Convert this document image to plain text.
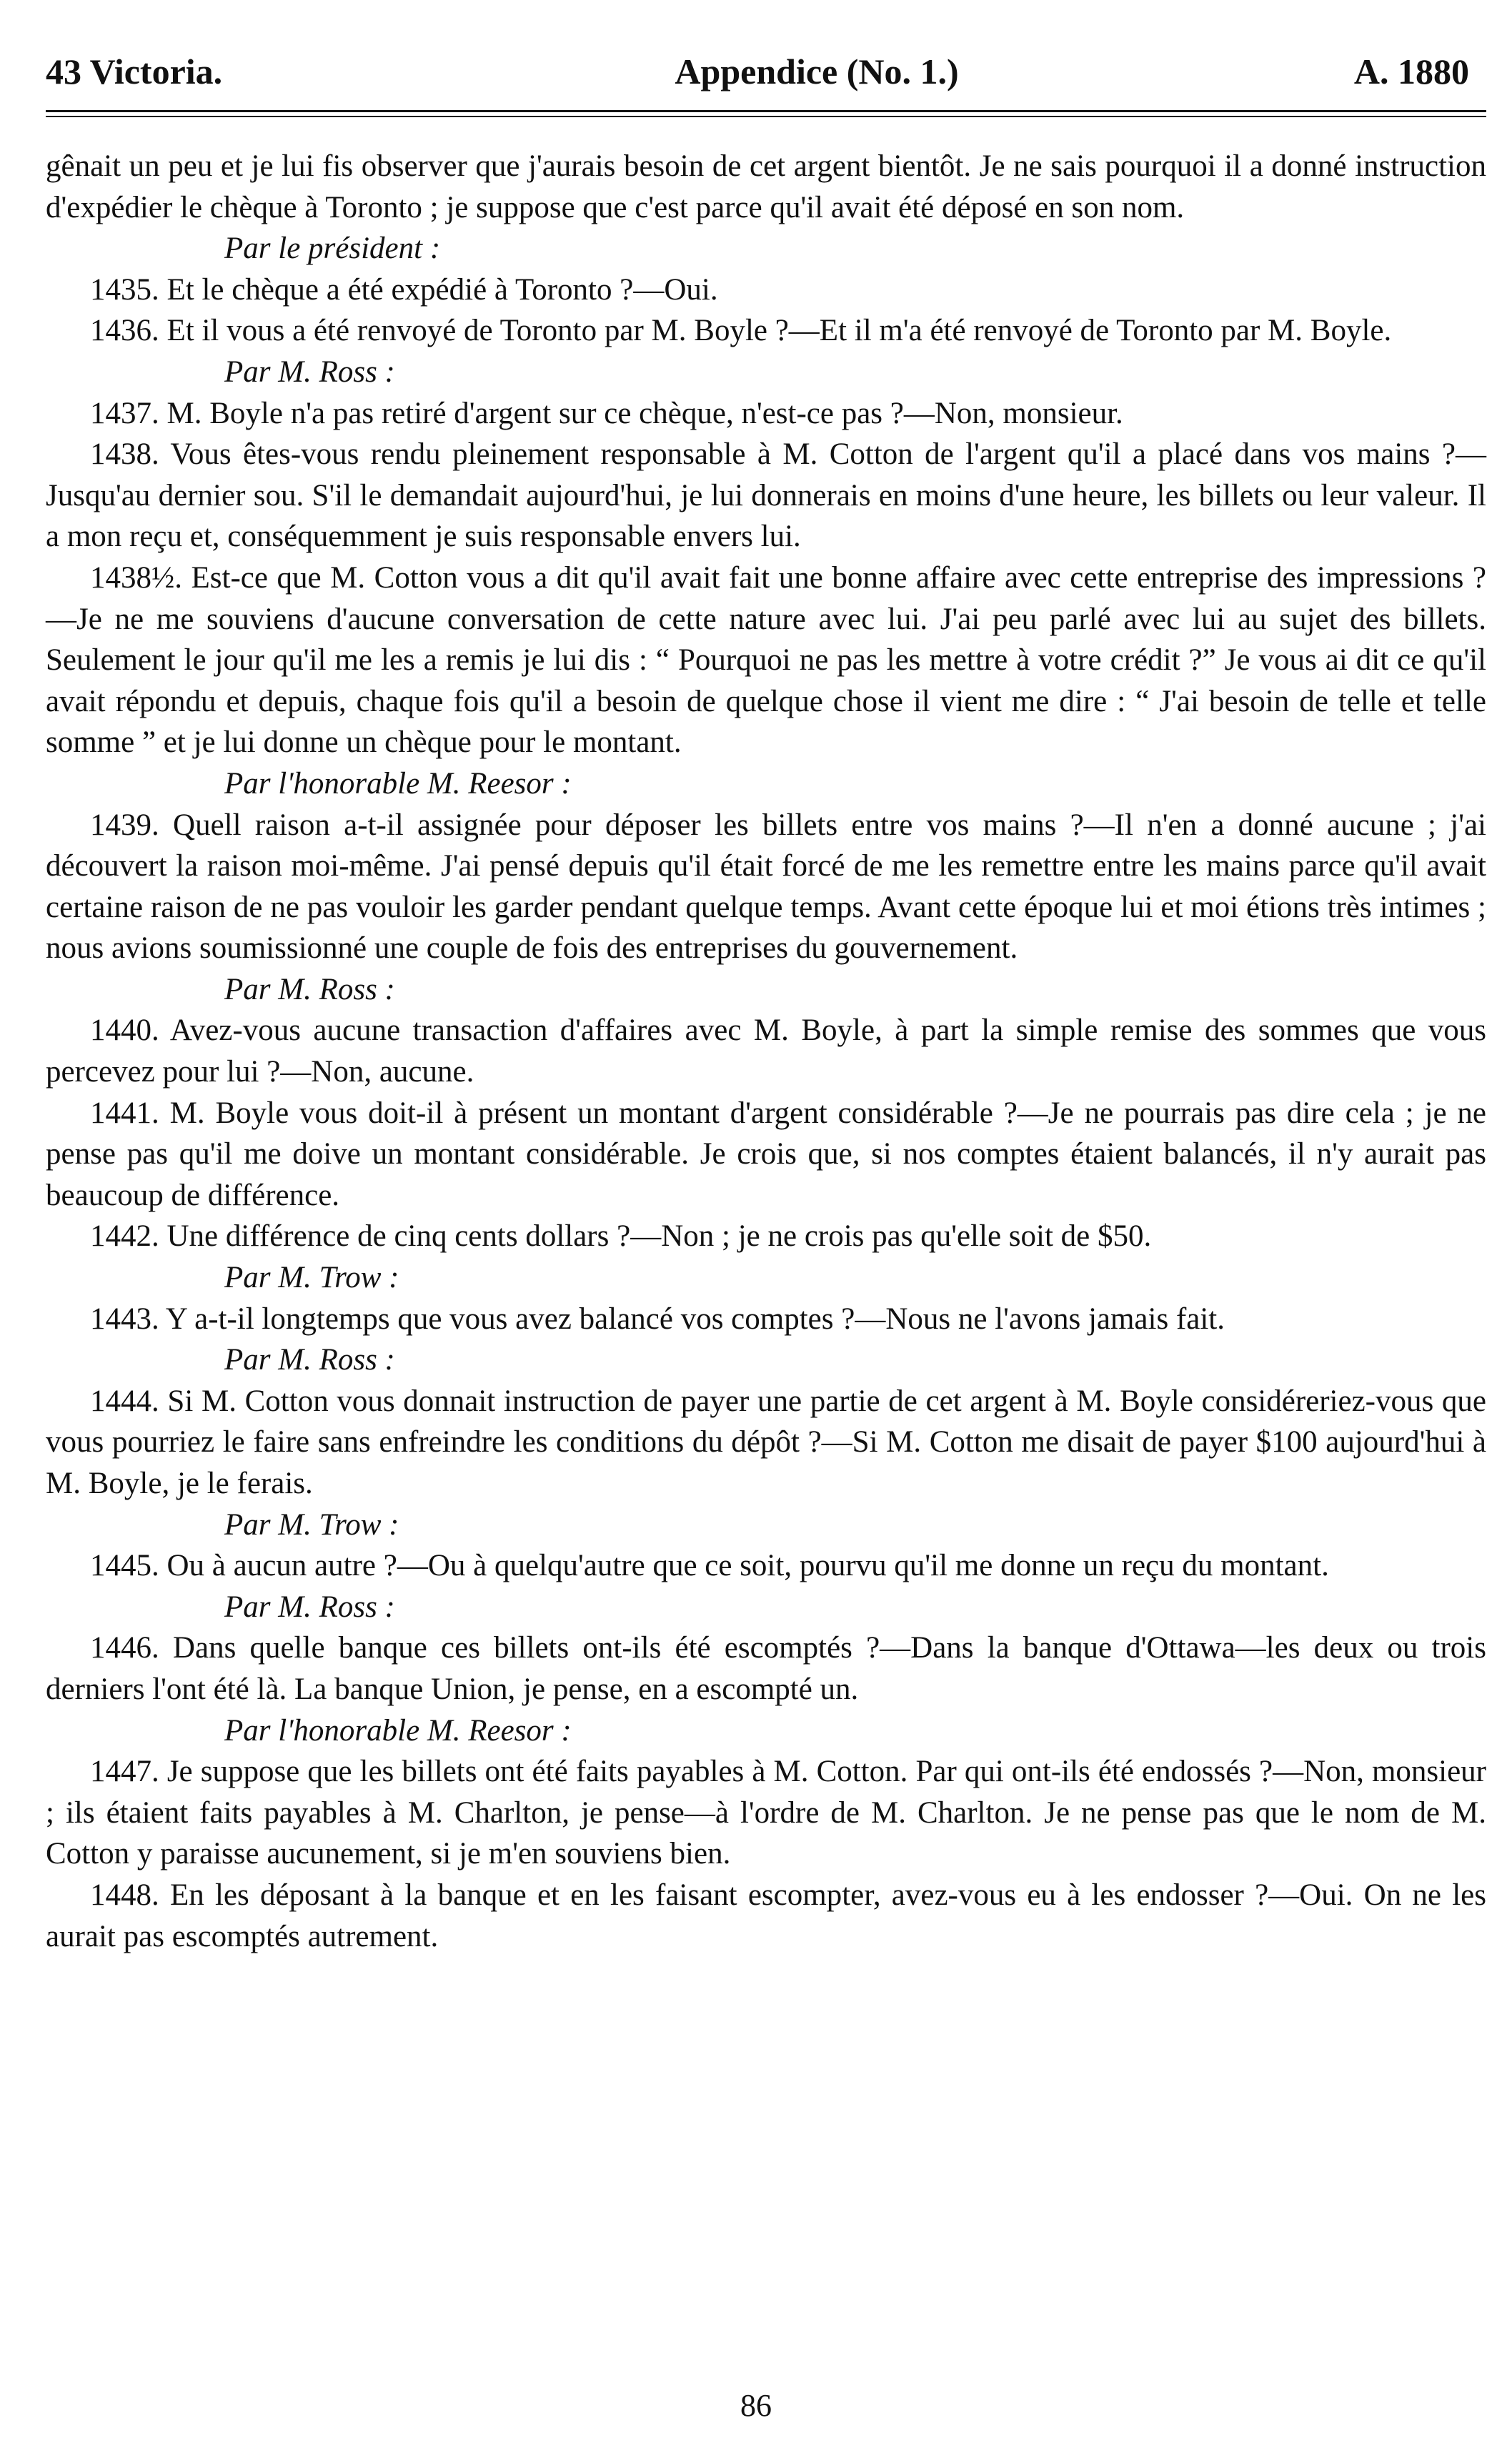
43 Victoria.	Appendice (No. 1.)	A. 1880

gênait un peu et je lui fis observer que j'aurais besoin de cet argent bientôt. Je ne sais pourquoi il a donné instruction d'expédier le chèque à Toronto ; je suppose que c'est parce qu'il avait été déposé en son nom.

Par le président :

1435. Et le chèque a été expédié à Toronto ?—Oui.

1436. Et il vous a été renvoyé de Toronto par M. Boyle ?—Et il m'a été renvoyé de Toronto par M. Boyle.

Par M. Ross :

1437. M. Boyle n'a pas retiré d'argent sur ce chèque, n'est-ce pas ?—Non, monsieur.

1438. Vous êtes-vous rendu pleinement responsable à M. Cotton de l'argent qu'il a placé dans vos mains ?—Jusqu'au dernier sou. S'il le demandait aujourd'hui, je lui donnerais en moins d'une heure, les billets ou leur valeur. Il a mon reçu et, conséquemment je suis responsable envers lui.

1438½. Est-ce que M. Cotton vous a dit qu'il avait fait une bonne affaire avec cette entreprise des impressions ?—Je ne me souviens d'aucune conversation de cette nature avec lui. J'ai peu parlé avec lui au sujet des billets. Seulement le jour qu'il me les a remis je lui dis : “ Pourquoi ne pas les mettre à votre crédit ?” Je vous ai dit ce qu'il avait répondu et depuis, chaque fois qu'il a besoin de quelque chose il vient me dire : “ J'ai besoin de telle et telle somme ” et je lui donne un chèque pour le montant.

Par l'honorable M. Reesor :

1439. Quell raison a-t-il assignée pour déposer les billets entre vos mains ?—Il n'en a donné aucune ; j'ai découvert la raison moi-même. J'ai pensé depuis qu'il était forcé de me les remettre entre les mains parce qu'il avait certaine raison de ne pas vouloir les garder pendant quelque temps. Avant cette époque lui et moi étions très intimes ; nous avions soumissionné une couple de fois des entreprises du gouvernement.

Par M. Ross :

1440. Avez-vous aucune transaction d'affaires avec M. Boyle, à part la simple remise des sommes que vous percevez pour lui ?—Non, aucune.

1441. M. Boyle vous doit-il à présent un montant d'argent considérable ?—Je ne pourrais pas dire cela ; je ne pense pas qu'il me doive un montant considérable. Je crois que, si nos comptes étaient balancés, il n'y aurait pas beaucoup de différence.

1442. Une différence de cinq cents dollars ?—Non ; je ne crois pas qu'elle soit de $50.

Par M. Trow :

1443. Y a-t-il longtemps que vous avez balancé vos comptes ?—Nous ne l'avons jamais fait.

Par M. Ross :

1444. Si M. Cotton vous donnait instruction de payer une partie de cet argent à M. Boyle considéreriez-vous que vous pourriez le faire sans enfreindre les conditions du dépôt ?—Si M. Cotton me disait de payer $100 aujourd'hui à M. Boyle, je le ferais.

Par M. Trow :

1445. Ou à aucun autre ?—Ou à quelqu'autre que ce soit, pourvu qu'il me donne un reçu du montant.

Par M. Ross :

1446. Dans quelle banque ces billets ont-ils été escomptés ?—Dans la banque d'Ottawa—les deux ou trois derniers l'ont été là. La banque Union, je pense, en a escompté un.

Par l'honorable M. Reesor :

1447. Je suppose que les billets ont été faits payables à M. Cotton. Par qui ont-ils été endossés ?—Non, monsieur ; ils étaient faits payables à M. Charlton, je pense—à l'ordre de M. Charlton. Je ne pense pas que le nom de M. Cotton y paraisse aucunement, si je m'en souviens bien.

1448. En les déposant à la banque et en les faisant escompter, avez-vous eu à les endosser ?—Oui. On ne les aurait pas escomptés autrement.

86
